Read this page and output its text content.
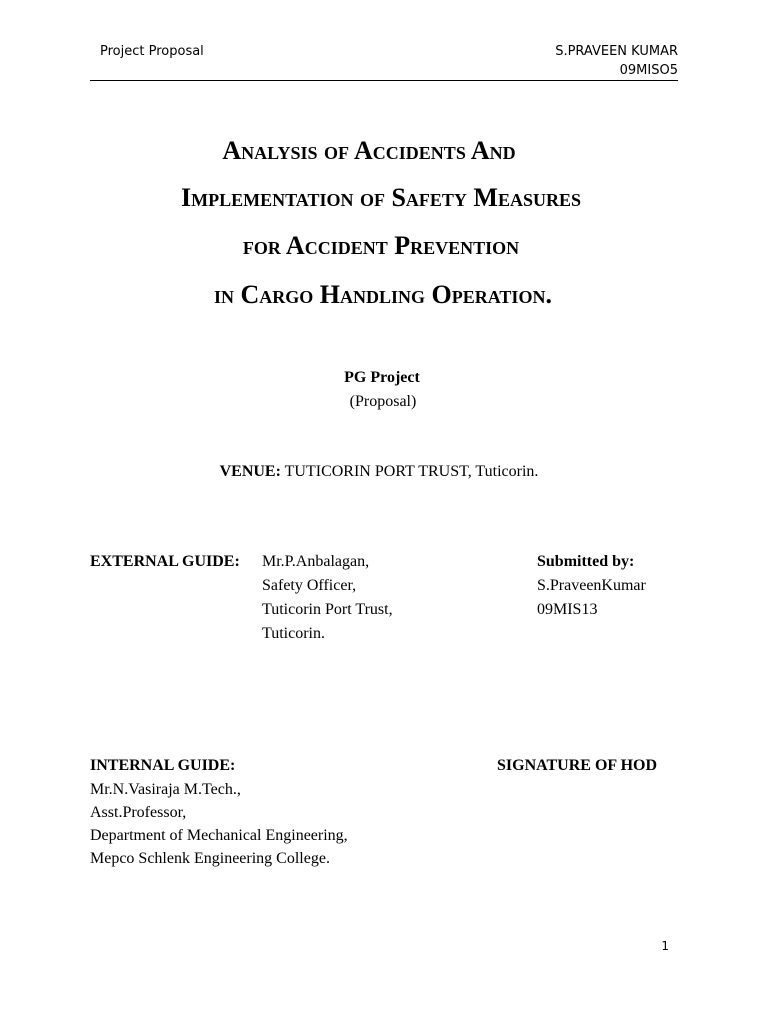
Project Proposal	S.PRAVEEN KUMAR
09MISO5
Analysis of Accidents And
Implementation of Safety Measures
for Accident Prevention
in Cargo Handling Operation.
PG Project
(Proposal)
VENUE: TUTICORIN PORT TRUST, Tuticorin.
EXTERNAL GUIDE: Mr.P.Anbalagan,
Safety Officer,
Tuticorin Port Trust,
Tuticorin.
Submitted by:
S.PraveenKumar
09MIS13
INTERNAL GUIDE:	SIGNATURE OF HOD
Mr.N.Vasiraja M.Tech.,
Asst.Professor,
Department of Mechanical Engineering,
Mepco Schlenk Engineering College.
1
